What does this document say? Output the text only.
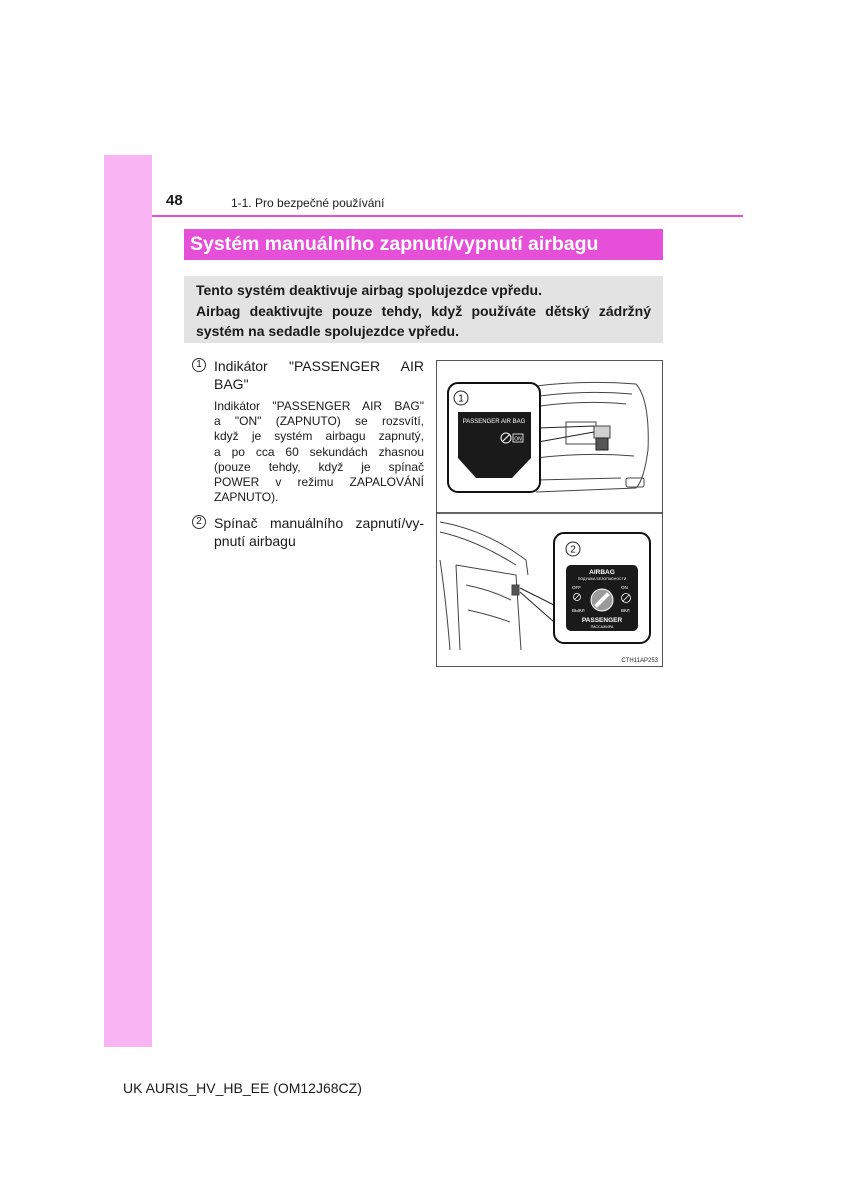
48	1-1. Pro bezpečné používání
Systém manuálního zapnutí/vypnutí airbagu

Tento systém deaktivuje airbag spolujezdce vpředu.

Airbag deaktivujte pouze tehdy, když používáte dětský zádržný

systém na sedadle spolujezdce vpředu.

1 Indikátor "PASSENGER AIR
BAG"
Indikátor "PASSENGER AIR BAG"
a "ON" (ZAPNUTO) se rozsvítí,
když je systém airbagu zapnutý,
a po cca 60 sekundách zhasnou
(pouze tehdy, když je spínač
POWER v režimu ZAPALOVÁNÍ
ZAPNUTO).
2 Spínač manuálního zapnutí/vy-
pnutí airbagu
1
PASSENGER AIR BAG
ON
2
AIRBAG
ПОДУШКА БЕЗОПАСНОСТИ
OFF	ON
ВЫКЛ	ВКЛ
PASSENGER
ПАССАЖИРА
CTH11AP253
UK AURIS_HV_HB_EE (OM12J68CZ)
